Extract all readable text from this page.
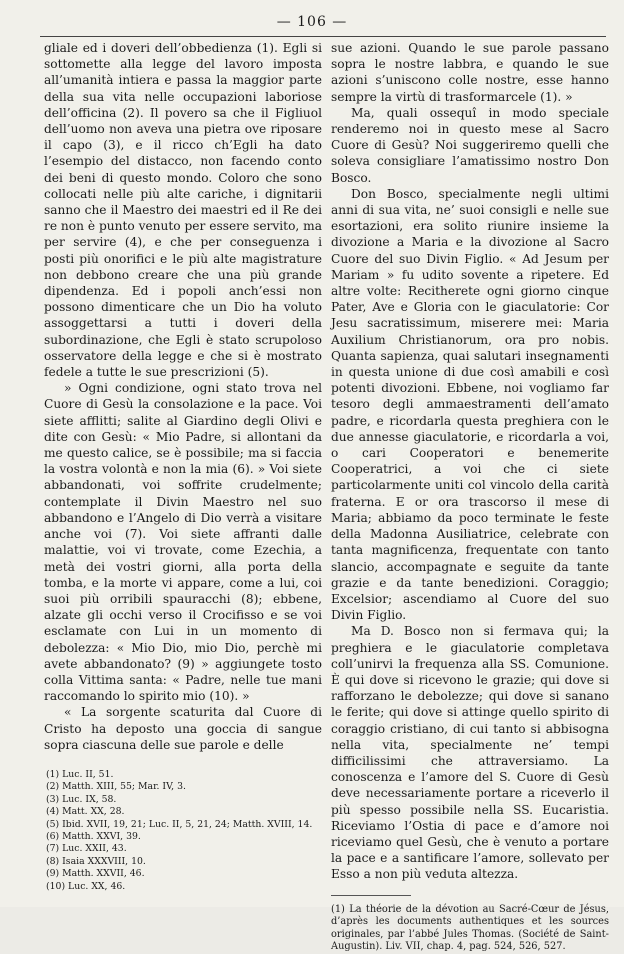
— 106 —

gliale ed i doveri dell’obbedienza (1). Egli si sottomette alla legge del lavoro imposta all’umanità intiera e passa la maggior parte della sua vita nelle occupazioni laboriose dell’officina (2). Il povero sa che il Figliuol dell’uomo non aveva una pietra ove riposare il capo (3), e il ricco ch’Egli ha dato l’esempio del distacco, non facendo conto dei beni di questo mondo. Coloro che sono collocati nelle più alte cariche, i dignitarii sanno che il Maestro dei maestri ed il Re dei re non è punto venuto per essere servito, ma per servire (4), e che per conseguenza i posti più onorifici e le più alte magistrature non debbono creare che una più grande dipendenza. Ed i popoli anch’essi non possono dimenticare che un Dio ha voluto assoggettarsi a tutti i doveri della subordinazione, che Egli è stato scrupoloso osservatore della legge e che si è mostrato fedele a tutte le sue prescrizioni (5).

» Ogni condizione, ogni stato trova nel Cuore di Gesù la consolazione e la pace. Voi siete afflitti; salite al Giardino degli Olivi e dite con Gesù: « Mio Padre, si allontani da me questo calice, se è possibile; ma si faccia la vostra volontà e non la mia (6). » Voi siete abbandonati, voi soffrite crudelmente; contemplate il Divin Maestro nel suo abbandono e l’Angelo di Dio verrà a visitare anche voi (7). Voi siete affranti dalle malattie, voi vi trovate, come Ezechia, a metà dei vostri giorni, alla porta della tomba, e la morte vi appare, come a lui, coi suoi più orribili spauracchi (8); ebbene, alzate gli occhi verso il Crocifisso e se voi esclamate con Lui in un momento di debolezza: « Mio Dio, mio Dio, perchè mi avete abbandonato? (9) » aggiungete tosto colla Vittima santa: « Padre, nelle tue mani raccomando lo spirito mio (10). »

« La sorgente scaturita dal Cuore di Cristo ha deposto una goccia di sangue sopra ciascuna delle sue parole e delle

(1) Luc. II, 51.
(2) Matth. XIII, 55; Mar. IV, 3.
(3) Luc. IX, 58.
(4) Matt. XX, 28.
(5) Ibid. XVII, 19, 21; Luc. II, 5, 21, 24; Matth. XVIII, 14.
(6) Matth. XXVI, 39.
(7) Luc. XXII, 43.
(8) Isaia XXXVIII, 10.
(9) Matth. XXVII, 46.
(10) Luc. XX, 46.

sue azioni. Quando le sue parole passano sopra le nostre labbra, e quando le sue azioni s’uniscono colle nostre, esse hanno sempre la virtù di trasformarcele (1). »

Ma, quali ossequî in modo speciale renderemo noi in questo mese al Sacro Cuore di Gesù? Noi suggeriremo quelli che soleva consigliare l’amatissimo nostro Don Bosco.

Don Bosco, specialmente negli ultimi anni di sua vita, ne’ suoi consigli e nelle sue esortazioni, era solito riunire insieme la divozione a Maria e la divozione al Sacro Cuore del suo Divin Figlio. « Ad Jesum per Mariam » fu udito sovente a ripetere. Ed altre volte: Recitherete ogni giorno cinque Pater, Ave e Gloria con le giaculatorie: Cor Jesu sacratissimum, miserere mei: Maria Auxilium Christianorum, ora pro nobis. Quanta sapienza, quai salutari insegnamenti in questa unione di due così amabili e così potenti divozioni. Ebbene, noi vogliamo far tesoro degli ammaestramenti dell’amato padre, e ricordarla questa preghiera con le due annesse giaculatorie, e ricordarla a voi, o cari Cooperatori e benemerite Cooperatrici, a voi che ci siete particolarmente uniti col vincolo della carità fraterna. E or ora trascorso il mese di Maria; abbiamo da poco terminate le feste della Madonna Ausiliatrice, celebrate con tanta magnificenza, frequentate con tanto slancio, accompagnate e seguite da tante grazie e da tante benedizioni. Coraggio; Excelsior; ascendiamo al Cuore del suo Divin Figlio.

Ma D. Bosco non si fermava qui; la preghiera e le giaculatorie completava coll’unirvi la frequenza alla SS. Comunione. È qui dove si ricevono le grazie; qui dove si rafforzano le debolezze; qui dove si sanano le ferite; qui dove si attinge quello spirito di coraggio cristiano, di cui tanto si abbisogna nella vita, specialmente ne’ tempi difficilissimi che attraversiamo. La conoscenza e l’amore del S. Cuore di Gesù deve necessariamente portare a riceverlo il più spesso possibile nella SS. Eucaristia. Riceviamo l’Ostia di pace e d’amore noi riceviamo quel Gesù, che è venuto a portare la pace e a santificare l’amore, sollevato per Esso a non più veduta altezza.

(1) La théorie de la dévotion au Sacré-Cœur de Jésus, d’après les documents authentiques et les sources originales, par l’abbé Jules Thomas. (Société de Saint-Augustin). Liv. VII, chap. 4, pag. 524, 526, 527.
